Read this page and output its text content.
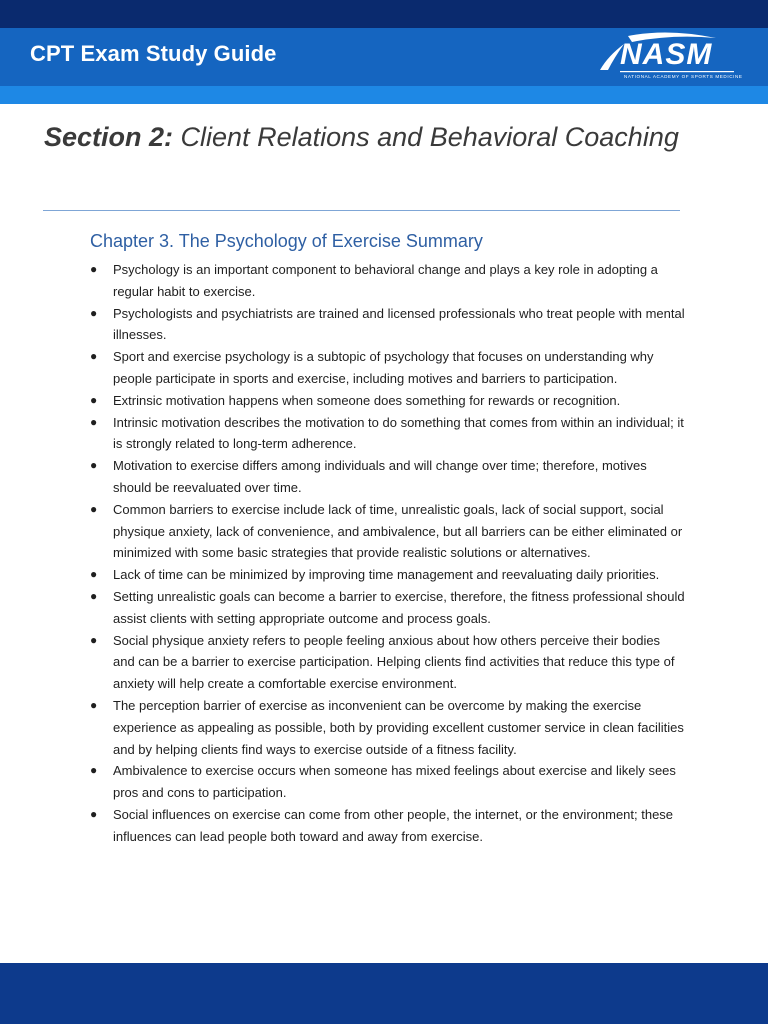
CPT Exam Study Guide	NASM
NATIONAL ACADEMY OF SPORTS MEDICINE
Section 2: Client Relations and Behavioral Coaching
Chapter 3. The Psychology of Exercise Summary
● Psychology is an important component to behavioral change and plays a key role in adopting a regular habit to exercise.
● Psychologists and psychiatrists are trained and licensed professionals who treat people with mental illnesses.
● Sport and exercise psychology is a subtopic of psychology that focuses on understanding why people participate in sports and exercise, including motives and barriers to participation.
● Extrinsic motivation happens when someone does something for rewards or recognition.
● Intrinsic motivation describes the motivation to do something that comes from within an individual; it is strongly related to long-term adherence.
● Motivation to exercise differs among individuals and will change over time; therefore, motives should be reevaluated over time.
● Common barriers to exercise include lack of time, unrealistic goals, lack of social support, social physique anxiety, lack of convenience, and ambivalence, but all barriers can be either eliminated or minimized with some basic strategies that provide realistic solutions or alternatives.
● Lack of time can be minimized by improving time management and reevaluating daily priorities.
● Setting unrealistic goals can become a barrier to exercise, therefore, the fitness professional should assist clients with setting appropriate outcome and process goals.
● Social physique anxiety refers to people feeling anxious about how others perceive their bodies and can be a barrier to exercise participation. Helping clients find activities that reduce this type of anxiety will help create a comfortable exercise environment.
● The perception barrier of exercise as inconvenient can be overcome by making the exercise experience as appealing as possible, both by providing excellent customer service in clean facilities and by helping clients find ways to exercise outside of a fitness facility.
● Ambivalence to exercise occurs when someone has mixed feelings about exercise and likely sees pros and cons to participation.
● Social influences on exercise can come from other people, the internet, or the environment; these influences can lead people both toward and away from exercise.
